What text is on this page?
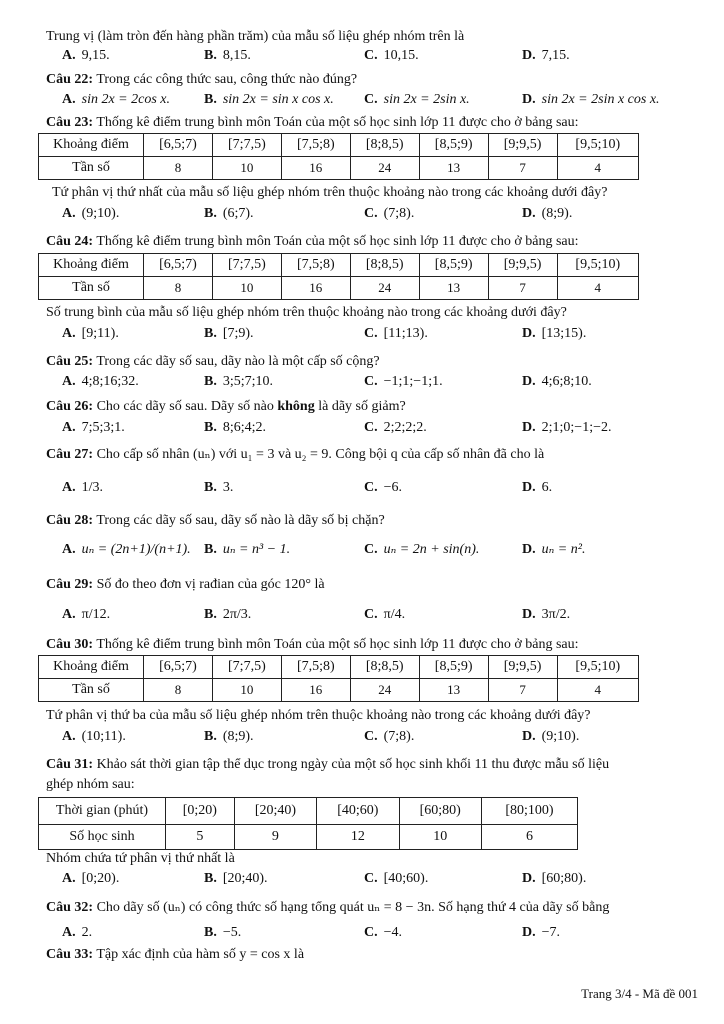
Trung vị (làm tròn đến hàng phần trăm) của mẫu số liệu ghép nhóm trên là
A. 9,15.	B. 8,15.	C. 10,15.	D. 7,15.
Câu 22: Trong các công thức sau, công thức nào đúng?
A. sin 2x = 2cos x. B. sin 2x = sin x cos x. C. sin 2x = 2sin x.	D. sin 2x = 2sin x cos x.
Câu 23: Thống kê điểm trung bình môn Toán của một số học sinh lớp 11 được cho ở bảng sau:
Khoảng điểm	[6,5;7)	[7;7,5)	[7,5;8)	[8;8,5)	[8,5;9)	[9;9,5)	[9,5;10)
Tần số	8	10	16	24	13	7	4
Tứ phân vị thứ nhất của mẫu số liệu ghép nhóm trên thuộc khoảng nào trong các khoảng dưới đây?
A. (9;10).	B. (6;7).	C. (7;8).	D. (8;9).
Câu 24: Thống kê điểm trung bình môn Toán của một số học sinh lớp 11 được cho ở bảng sau:
Khoảng điểm	[6,5;7)	[7;7,5)	[7,5;8)	[8;8,5)	[8,5;9)	[9;9,5)	[9,5;10)
Tần số	8	10	16	24	13	7	4
Số trung bình của mẫu số liệu ghép nhóm trên thuộc khoảng nào trong các khoảng dưới đây?
A. [9;11).	B. [7;9).	C. [11;13).	D. [13;15).
Câu 25: Trong các dãy số sau, dãy nào là một cấp số cộng?
A. 4;8;16;32.	B. 3;5;7;10.	C. −1;1;−1;1.	D. 4;6;8;10.
Câu 26: Cho các dãy số sau. Dãy số nào không là dãy số giảm?
A. 7;5;3;1.	B. 8;6;4;2.	C. 2;2;2;2.	D. 2;1;0;−1;−2.
Câu 27: Cho cấp số nhân (uₙ) với u₁ = 3 và u₂ = 9. Công bội q của cấp số nhân đã cho là
A. 1/3.	B. 3.	C. −6.	D. 6.
Câu 28: Trong các dãy số sau, dãy số nào là dãy số bị chặn?
A. uₙ = (2n+1)/(n+1). B. uₙ = n³ − 1.	C. uₙ = 2n + sin(n).	D. uₙ = n².
Câu 29: Số đo theo đơn vị rađian của góc 120° là
A. π/12.	B. 2π/3.	C. π/4.	D. 3π/2.
Câu 30: Thống kê điểm trung bình môn Toán của một số học sinh lớp 11 được cho ở bảng sau:
Khoảng điểm	[6,5;7)	[7;7,5)	[7,5;8)	[8;8,5)	[8,5;9)	[9;9,5)	[9,5;10)
Tần số	8	10	16	24	13	7	4
Tứ phân vị thứ ba của mẫu số liệu ghép nhóm trên thuộc khoảng nào trong các khoảng dưới đây?
A. (10;11).	B. (8;9).	C. (7;8).	D. (9;10).
Câu 31: Khảo sát thời gian tập thể dục trong ngày của một số học sinh khối 11 thu được mẫu số liệu
ghép nhóm sau:
Thời gian (phút)	[0;20)	[20;40)	[40;60)	[60;80)	[80;100)
Số học sinh	5	9	12	10	6
Nhóm chứa tứ phân vị thứ nhất là
A. [0;20).	B. [20;40).	C. [40;60).	D. [60;80).
Câu 32: Cho dãy số (uₙ) có công thức số hạng tổng quát uₙ = 8 − 3n. Số hạng thứ 4 của dãy số bằng
A. 2.	B. −5.	C. −4.	D. −7.
Câu 33: Tập xác định của hàm số y = cos x là
Trang 3/4 - Mã đề 001
